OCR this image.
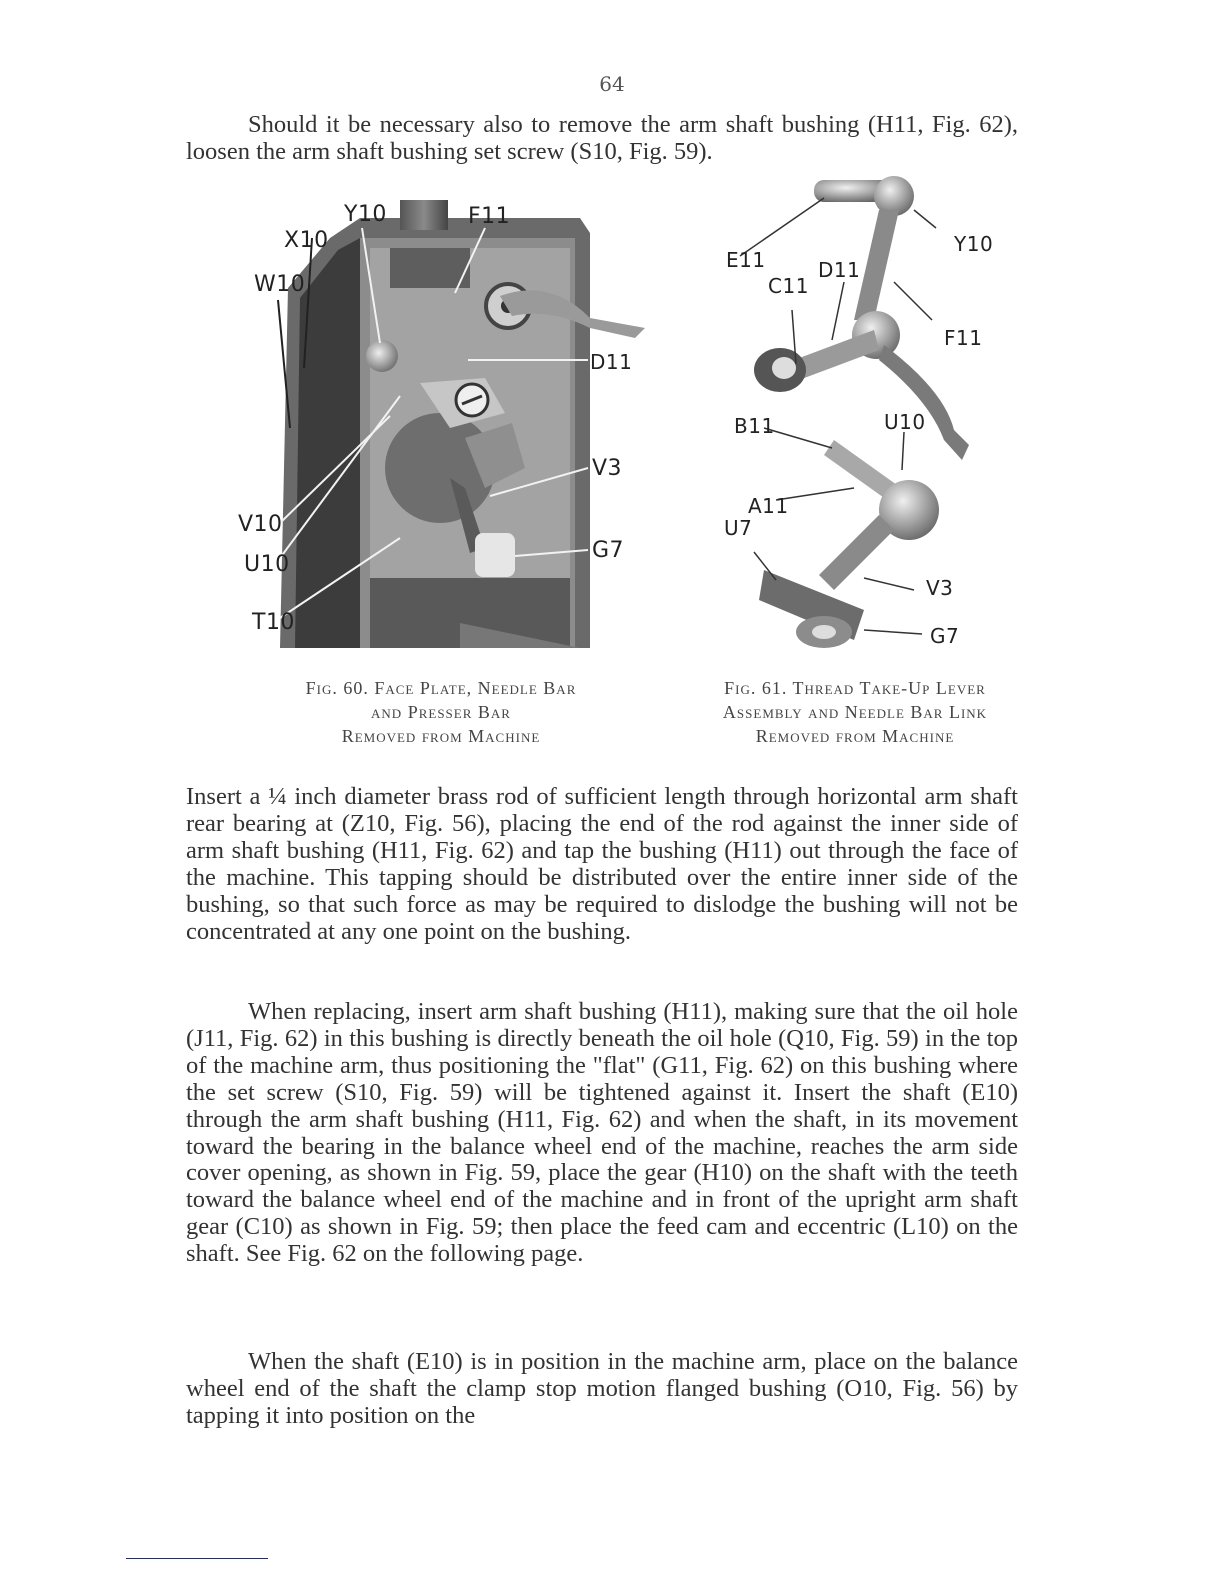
64

Should it be necessary also to remove the arm shaft bushing (H11, Fig. 62), loosen the arm shaft bushing set screw (S10, Fig. 59).

Y10	F11
X10
W10
D11
V3
G7
V10
U10
T10
E11
Y10
C11
D11
F11
B11	U10
A11
U7
V3
G7
Fig. 60. Face Plate, Needle Bar
and Presser Bar
Removed from Machine
Fig. 61. Thread Take-Up Lever
Assembly and Needle Bar Link
Removed from Machine

Insert a ¼ inch diameter brass rod of sufficient length through horizontal arm shaft rear bearing at (Z10, Fig. 56), placing the end of the rod against the inner side of arm shaft bushing (H11, Fig. 62) and tap the bushing (H11) out through the face of the machine. This tapping should be distributed over the entire inner side of the bushing, so that such force as may be required to dislodge the bushing will not be concentrated at any one point on the bushing.

When replacing, insert arm shaft bushing (H11), making sure that the oil hole (J11, Fig. 62) in this bushing is directly beneath the oil hole (Q10, Fig. 59) in the top of the machine arm, thus positioning the "flat" (G11, Fig. 62) on this bushing where the set screw (S10, Fig. 59) will be tightened against it. Insert the shaft (E10) through the arm shaft bushing (H11, Fig. 62) and when the shaft, in its movement toward the bearing in the balance wheel end of the machine, reaches the arm side cover opening, as shown in Fig. 59, place the gear (H10) on the shaft with the teeth toward the balance wheel end of the machine and in front of the upright arm shaft gear (C10) as shown in Fig. 59; then place the feed cam and eccentric (L10) on the shaft. See Fig. 62 on the following page.

When the shaft (E10) is in position in the machine arm, place on the balance wheel end of the shaft the clamp stop motion flanged bushing (O10, Fig. 56) by tapping it into position on the
